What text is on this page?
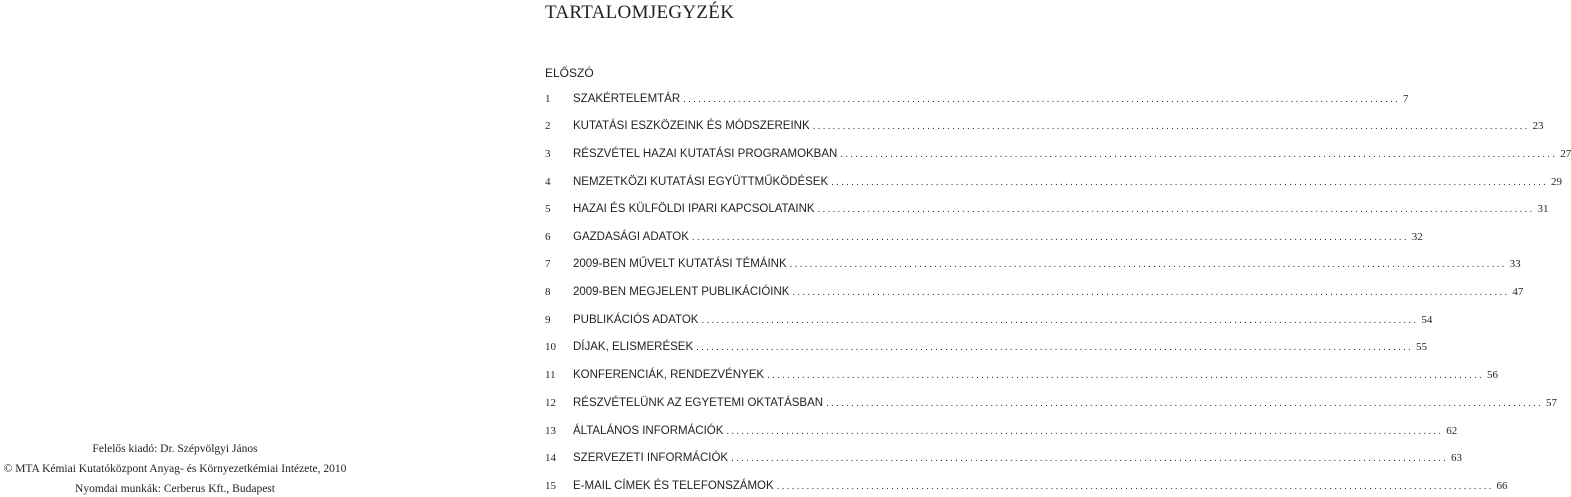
TARTALOMJEGYZÉK
ELŐSZÓ
1	SZAKÉRTELEMTÁR .....	7
2	KUTATÁSI ESZKÖZEINK ÉS MÓDSZEREINK .....	23
3	RÉSZVÉTEL HAZAI KUTATÁSI PROGRAMOKBAN .....	27
4	NEMZETKÖZI KUTATÁSI EGYÜTTMŰKÖDÉSEK .....	29
5	HAZAI ÉS KÜLFÖLDI IPARI KAPCSOLATAINK .....	31
6	GAZDASÁGI ADATOK .....	32
7	2009-BEN MŰVELT KUTATÁSI TÉMÁINK .....	33
8	2009-BEN MEGJELENT PUBLIKÁCIÓINK .....	47
9	PUBLIKÁCIÓS ADATOK .....	54
10	DÍJAK, ELISMERÉSEK .....	55
11	KONFERENCIÁK, RENDEZVÉNYEK .....	56
12	RÉSZVÉTELÜNK AZ EGYETEMI OKTATÁSBAN .....	57
13	ÁLTALÁNOS INFORMÁCIÓK .....	62
14	SZERVEZETI INFORMÁCIÓK .....	63
15	E-MAIL CÍMEK ÉS TELEFONSZÁMOK .....	66
Felelős kiadó: Dr. Szépvölgyi János
© MTA Kémiai Kutatóközpont Anyag- és Környezetkémiai Intézete, 2010
Nyomdai munkák: Cerberus Kft., Budapest
